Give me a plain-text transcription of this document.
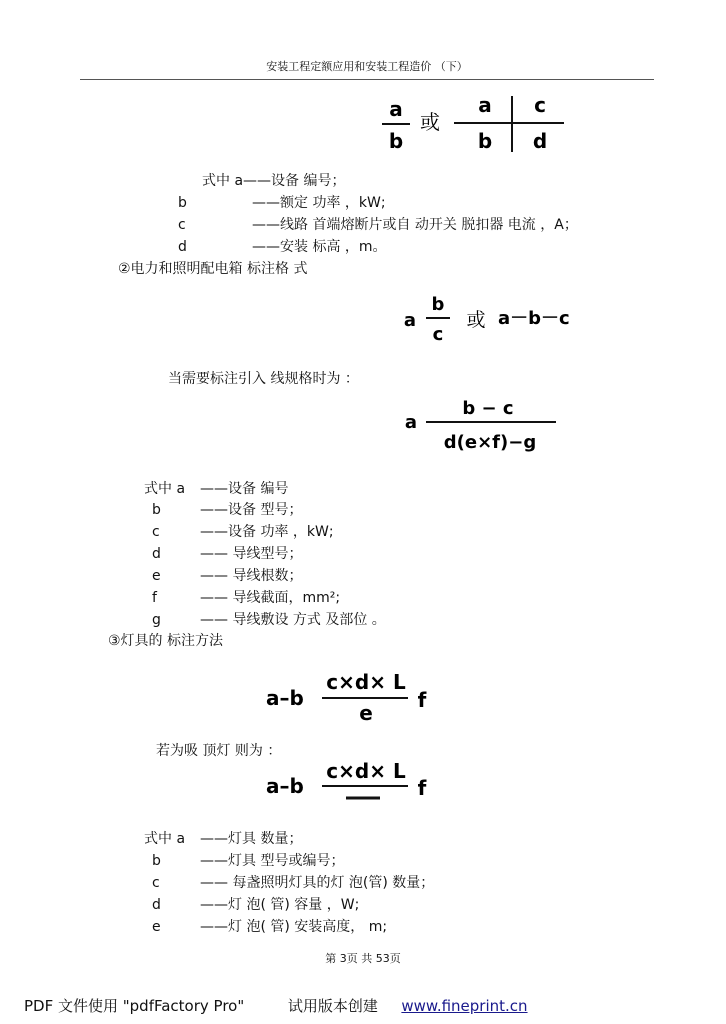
安装工程定额应用和安装工程造价 （下）
a
b
或
a c
b d
式中 a——设备 编号；
b	——额定 功率 ，kW;
c	——线路 首端熔断片或自 动开关 脱扣器 电流 ，A；
d	——安装 标高 ，m。
②电力和照明配电箱 标注格 式
a
b
c
或 a－b－c
当需要标注引入 线规格时为 ：
a
b − c
d(e×f)−g
式中 a ——设备 编号
b	——设备 型号；
c	——设备 功率 ，kW;
d	—— 导线型号；
e	—— 导线根数；
f	—— 导线截面，mm²;
g	—— 导线敷设 方式 及部位 。
③灯具的 标注方法
a–b
c×d× L
e
f
若为吸 顶灯 则为 ：
a–b
c×d× L
f
式中 a ——灯具 数量；
b	——灯具 型号或编号；
c	—— 每盏照明灯具的灯 泡(管) 数量；
d	——灯 泡( 管) 容量 ，W;
e	——灯 泡( 管) 安装高度， m;
第 3页 共 53页
PDF 文件使用 "pdfFactory Pro"	试用版本创建 www.fineprint.cn
